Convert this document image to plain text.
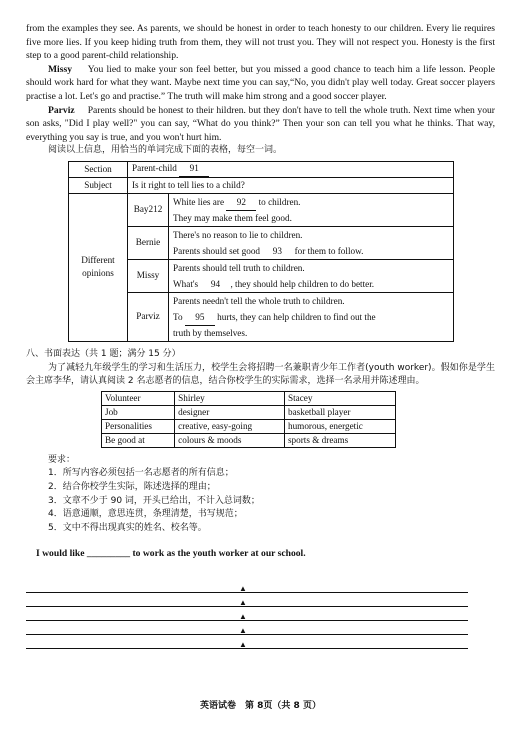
from the examples they see. As parents, we should be honest in order to teach honesty to our children. Every lie requires five more lies. If you keep hiding truth from them, they will not trust you. They will not respect you. Honesty is the first step to a good parent-child relationship.

Missy You lied to make your son feel better, but you missed a good chance to teach him a life lesson. People should work hard for what they want. Maybe next time you can say,“No, you didn't play well today. Great soccer players practise a lot. Let's go and practise.” The truth will make him strong and a good soccer player.

Parviz Parents should be honest to their hildren. but they don't have to tell the whole truth. Next time when your son asks, "Did I play well?" you can say, “What do you think?” Then your son can tell you what he thinks. That way, everything you say is true, and you won't hurt him.

阅读以上信息，用恰当的单词完成下面的表格，每空一词。

Section	Parent-child 91	
Subject	Is it right to tell lies to a child?	

Different
opinions	Bay212	White lies are 92 to children.
They may make them feel good.

	Bernie	There's no reason to lie to children.
Parents should set good 93 for them to follow.

	Missy	Parents should tell truth to children.
What's 94 , they should help children to do better.

	Parviz	Parents needn't tell the whole truth to children.
To 95 hurts, they can help children to find out the
truth by themselves.

八、书面表达（共 1 题；满分 15 分）

为了减轻九年级学生的学习和生活压力，校学生会将招聘一名兼职青少年工作者(youth worker)。假如你是学生会主席李华，请认真阅读 2 名志愿者的信息，结合你校学生的实际需求，选择一名录用并陈述理由。

Volunteer	Shirley	Stacey
Job	designer	basketball player
Personalities	creative, easy-going	humorous, energetic
Be good at	colours & moods	sports & dreams
要求：
1．所写内容必须包括一名志愿者的所有信息；
2．结合你校学生实际，陈述选择的理由；
3．文章不少于 90 词，开头已给出，不计入总词数；
4．语意通顺，意思连贯，条理清楚，书写规范；
5．文中不得出现真实的姓名、校名等。

I would like _________ to work as the youth worker at our school.

▲
▲
▲
▲
▲
英语试卷　第 8页（共 8 页）
